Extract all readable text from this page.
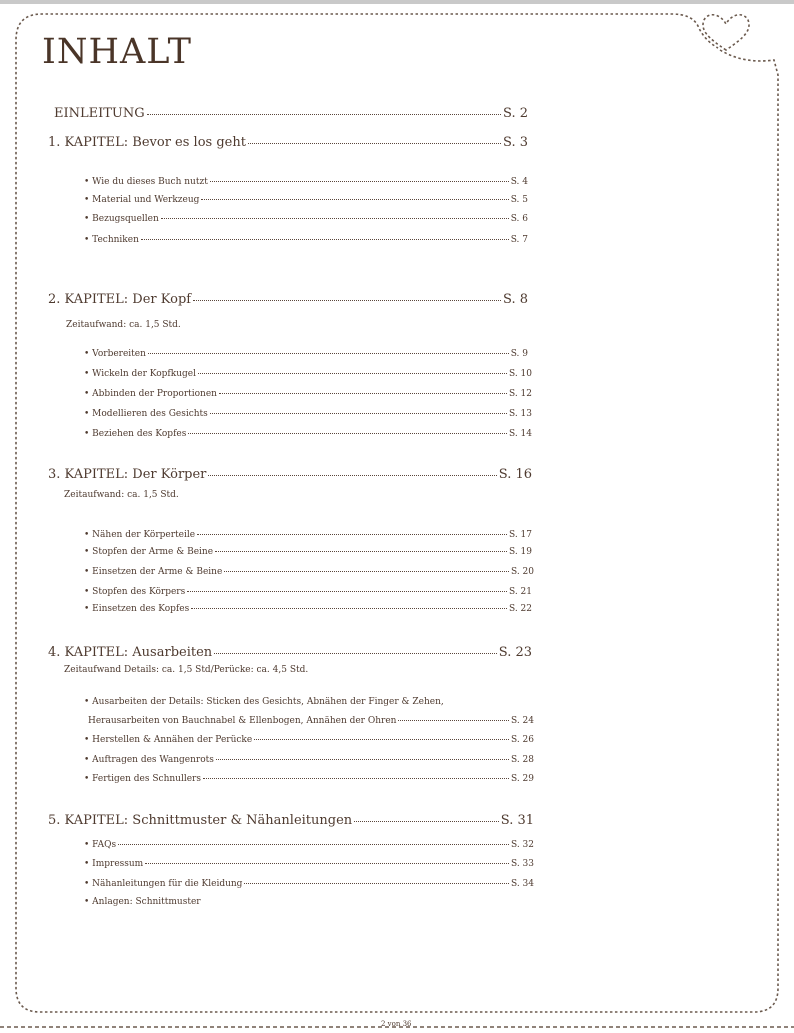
INHALT
EINLEITUNG	S. 2
1. KAPITEL: Bevor es los geht	S. 3
• Wie du dieses Buch nutzt	S. 4
• Material und Werkzeug	S. 5
• Bezugsquellen	S. 6
• Techniken	S. 7
2. KAPITEL: Der Kopf	S. 8
Zeitaufwand: ca. 1,5 Std.
• Vorbereiten	S. 9
• Wickeln der Kopfkugel	S. 10
• Abbinden der Proportionen	S. 12
• Modellieren des Gesichts	S. 13
• Beziehen des Kopfes	S. 14
3. KAPITEL: Der Körper	S. 16
Zeitaufwand: ca. 1,5 Std.
• Nähen der Körperteile	S. 17
• Stopfen der Arme & Beine	S. 19
• Einsetzen der Arme & Beine	S. 20
• Stopfen des Körpers	S. 21
• Einsetzen des Kopfes	S. 22
4. KAPITEL: Ausarbeiten	S. 23
Zeitaufwand Details: ca. 1,5 Std/Perücke: ca. 4,5 Std.
• Ausarbeiten der Details: Sticken des Gesichts, Abnähen der Finger & Zehen,
Herausarbeiten von Bauchnabel & Ellenbogen, Annähen der Ohren	S. 24
• Herstellen & Annähen der Perücke	S. 26
• Auftragen des Wangenrots	S. 28
• Fertigen des Schnullers	S. 29
5. KAPITEL: Schnittmuster & Nähanleitungen	S. 31
• FAQs	S. 32
• Impressum	S. 33
• Nähanleitungen für die Kleidung	S. 34
• Anlagen: Schnittmuster
2 von 36
